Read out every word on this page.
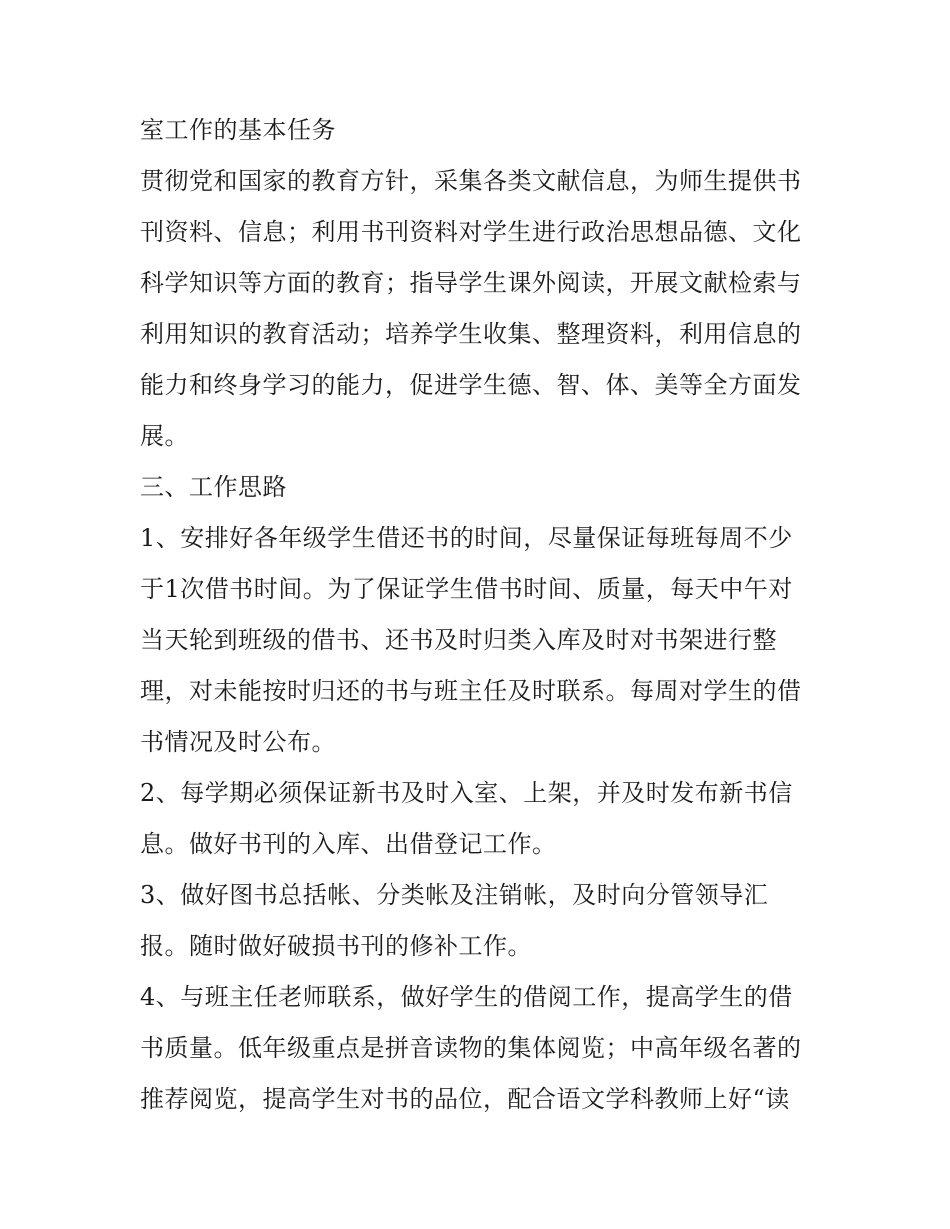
室工作的基本任务
贯彻党和国家的教育方针，采集各类文献信息，为师生提供书
刊资料、信息；利用书刊资料对学生进行政治思想品德、文化
科学知识等方面的教育；指导学生课外阅读，开展文献检索与
利用知识的教育活动；培养学生收集、整理资料，利用信息的
能力和终身学习的能力，促进学生德、智、体、美等全方面发
展。
三、工作思路
1、安排好各年级学生借还书的时间，尽量保证每班每周不少
于1次借书时间。为了保证学生借书时间、质量，每天中午对
当天轮到班级的借书、还书及时归类入库及时对书架进行整
理，对未能按时归还的书与班主任及时联系。每周对学生的借
书情况及时公布。
2、每学期必须保证新书及时入室、上架，并及时发布新书信
息。做好书刊的入库、出借登记工作。
3、做好图书总括帐、分类帐及注销帐，及时向分管领导汇
报。随时做好破损书刊的修补工作。
4、与班主任老师联系，做好学生的借阅工作，提高学生的借
书质量。低年级重点是拼音读物的集体阅览；中高年级名著的
推荐阅览，提高学生对书的品位，配合语文学科教师上好“读
